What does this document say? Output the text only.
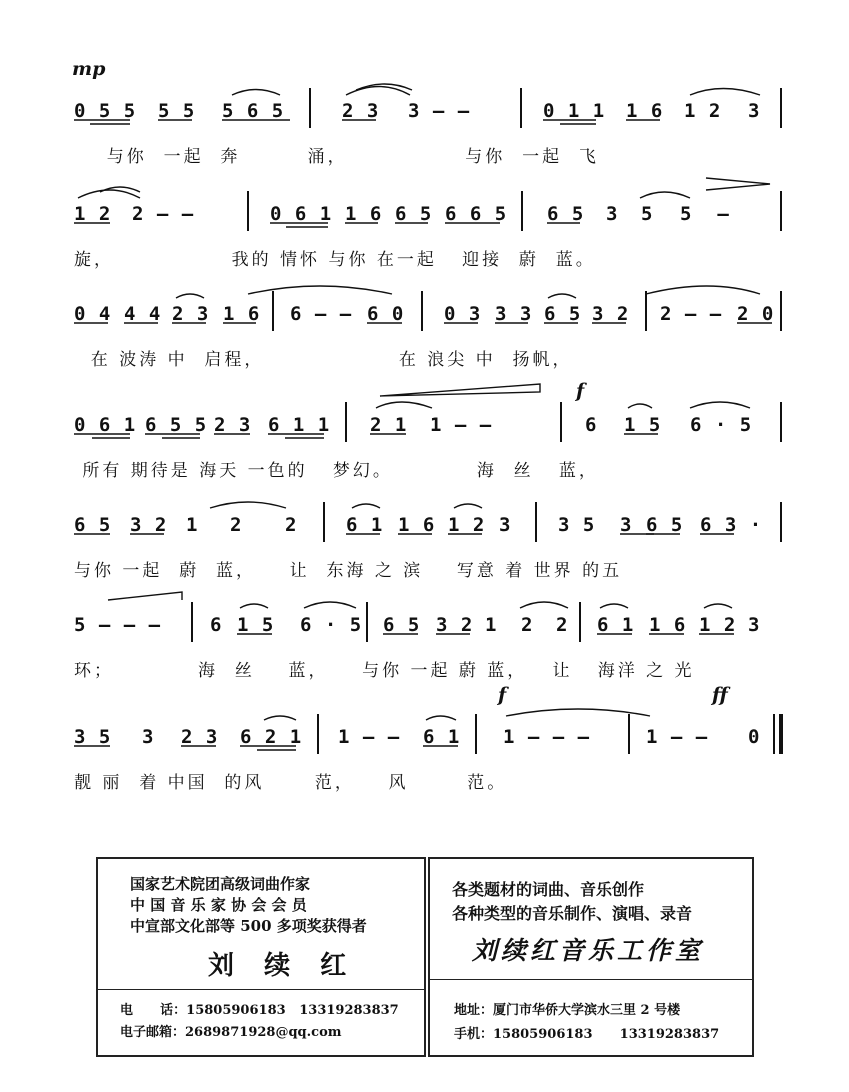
mp
f
f	ff
0 5 5 5 5 5 6 5	2 3 3 – –	0 1 1 1 6 1 2 3
与你  一起  奔        涌，              与你  一起  飞
1 2 2 – –	0 6 1 1 6 6 5 6 6 5 6 5 3 5 5  –
旋，              我的 情怀 与你 在一起   迎接  蔚  蓝。
0 4 4 4 2 3 1 6 6 – – 6 0 0 3 3 3 6 5 3 2 2 – – 2 0
在 波涛 中  启程，                在 浪尖 中  扬帆，
0 6 1 6 5 5 2 3 6 1 1 2 1 1 – –	6 1 5 6 · 5
所有 期待是 海天 一色的   梦幻。          海  丝   蓝，
6 5 3 2 1 2 2	6 1 1 6 1 2 3 3 5 3 6 5 6 3 ·
与你 一起  蔚  蓝，    让  东海 之 滨    写意 着 世界 的五
5 – – –	6 1 5 6 · 5 6 5 3 2 1 2 2 6 1 1 6 1 2 3
环；          海  丝    蓝，    与你 一起 蔚 蓝，   让   海洋 之 光
3 5 3 2 3 6 2 1 1 – – 6 1 1 – – –	1 – – 0
靓 丽  着 中国  的风      范，    风       范。
国家艺术院团高级词曲作家
中 国 音 乐 家 协 会 会 员
中宣部文化部等 500 多项奖获得者
刘  续  红
电      话：15805906183   13319283837
电子邮箱：2689871928@qq.com
各类题材的词曲、音乐创作
各种类型的音乐制作、演唱、录音
刘续红音乐工作室
地址：厦门市华侨大学滨水三里 2 号楼
手机：15805906183      13319283837
